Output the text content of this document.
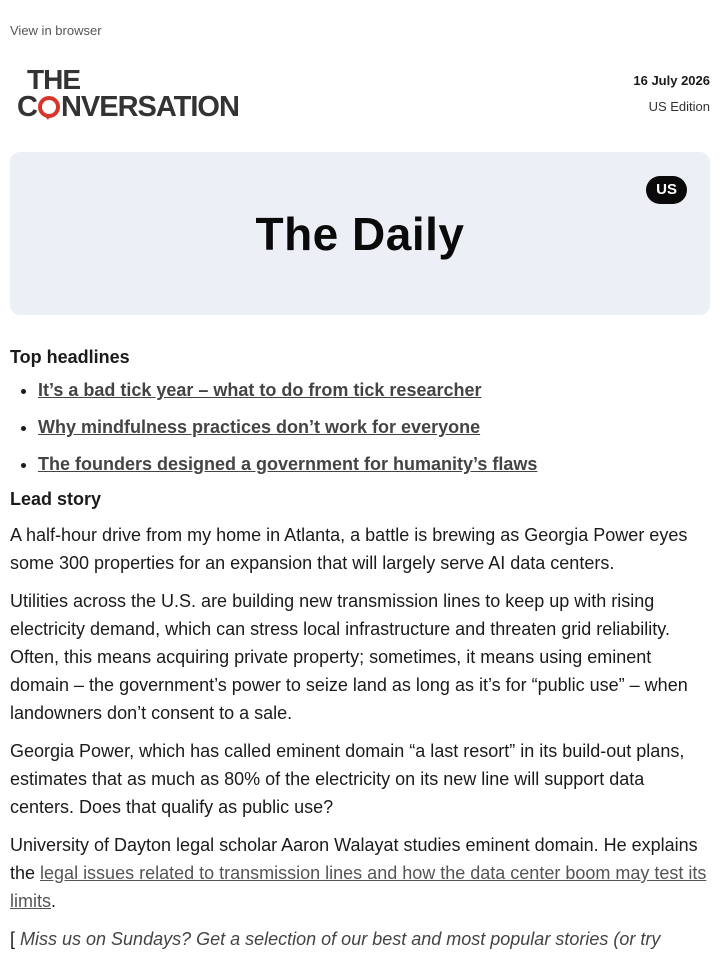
View in browser
THE
C NVERSATION
16 July 2026
US Edition
US
The Daily
Top headlines
• It’s a bad tick year – what to do from tick researcher
• Why mindfulness practices don’t work for everyone
• The founders designed a government for humanity’s flaws
Lead story

A half-hour drive from my home in Atlanta, a battle is brewing as Georgia Power eyes some 300 properties for an expansion that will largely serve AI data centers.

Utilities across the U.S. are building new transmission lines to keep up with rising electricity demand, which can stress local infrastructure and threaten grid reliability. Often, this means acquiring private property; sometimes, it means using eminent domain – the government’s power to seize land as long as it’s for “public use” – when landowners don’t consent to a sale.

Georgia Power, which has called eminent domain “a last resort” in its build-out plans, estimates that as much as 80% of the electricity on its new line will support data centers. Does that qualify as public use?

University of Dayton legal scholar Aaron Walayat studies eminent domain. He explains the legal issues related to transmission lines and how the data center boom may test its limits.

[ Miss us on Sundays? Get a selection of our best and most popular stories (or try
